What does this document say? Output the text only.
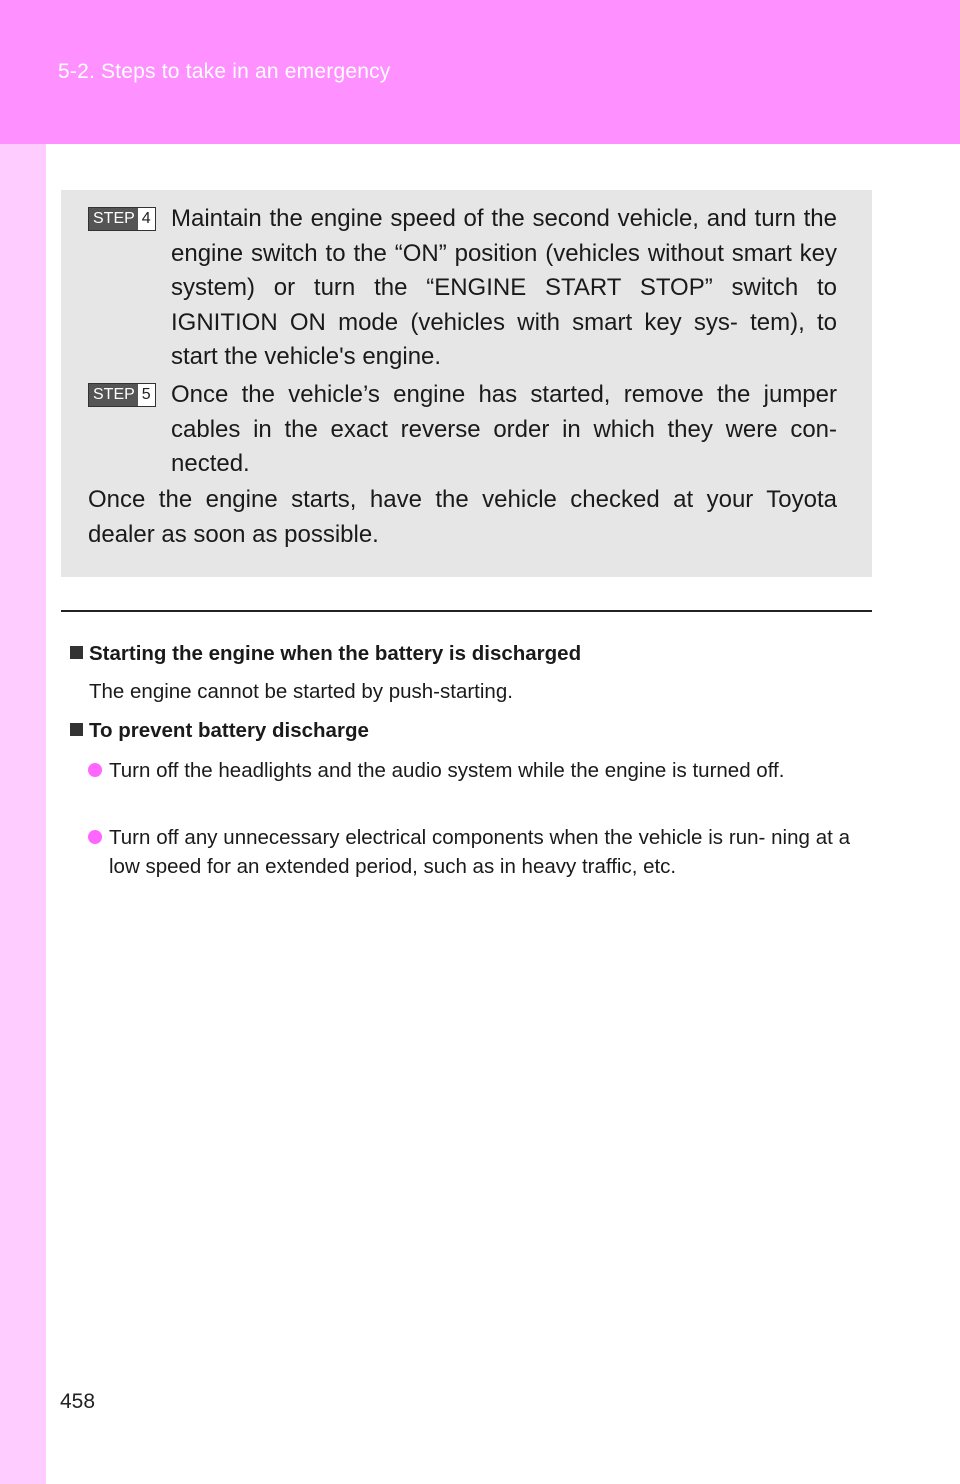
5-2. Steps to take in an emergency
STEP 4 Maintain the engine speed of the second vehicle, and turn the engine switch to the “ON” position (vehicles without smart key system) or turn the “ENGINE START STOP” switch to IGNITION ON mode (vehicles with smart key sys- tem), to start the vehicle's engine.
STEP 5 Once the vehicle’s engine has started, remove the jumper cables in the exact reverse order in which they were con- nected.
Once the engine starts, have the vehicle checked at your Toyota dealer as soon as possible.
Starting the engine when the battery is discharged
The engine cannot be started by push-starting.
To prevent battery discharge
Turn off the headlights and the audio system while the engine is turned off.
Turn off any unnecessary electrical components when the vehicle is run- ning at a low speed for an extended period, such as in heavy traffic, etc.
458
